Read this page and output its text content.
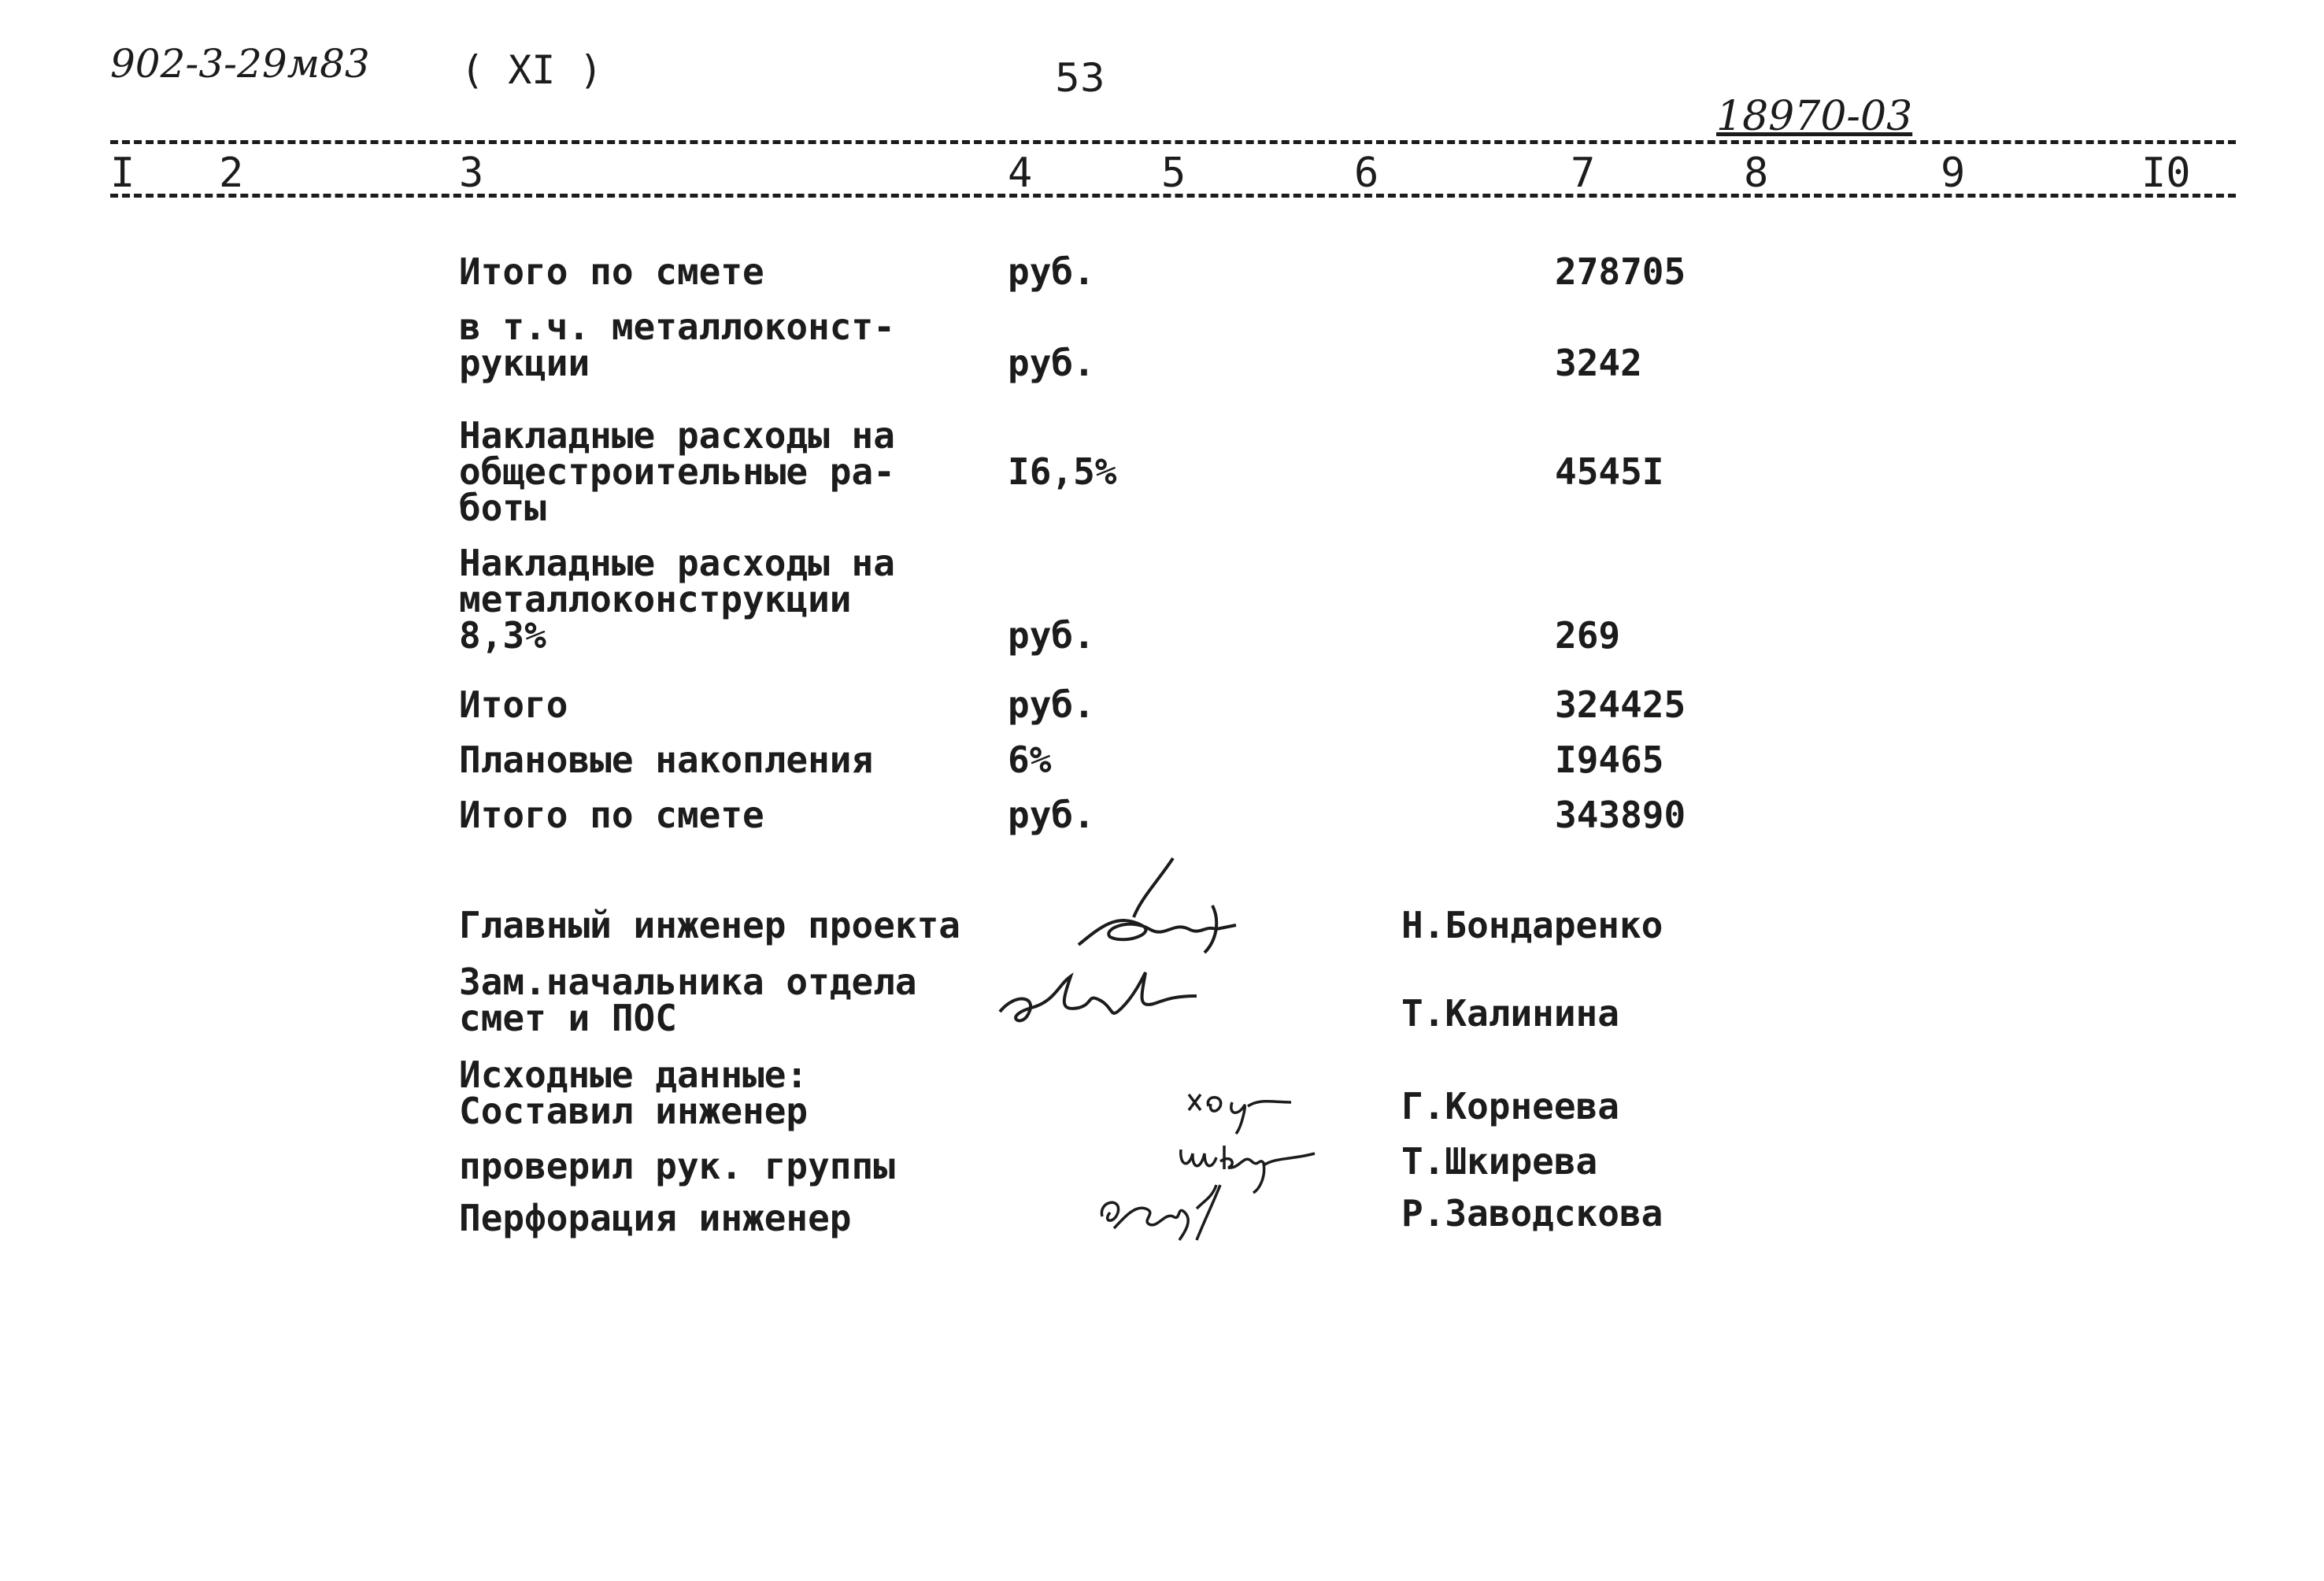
902-3-29м83 ( XI )	53
18970-03
I 2	3	4	5	6	7	8	9	I0
Итого по смете	руб.	278705
в т.ч. металлоконст-
рукции	руб.	3242
Накладные расходы на
общестроительные ра-
боты
I6,5%	4545I
Накладные расходы на
металлоконструкции
8,3%	руб.	269
Итого	руб.	324425
Плановые накопления	6%	I9465
Итого по смете	руб.	343890
Главный инженер проекта	Н.Бондаренко
Зам.начальника отдела
смет и ПОС	Т.Калинина
Исходные данные:
Составил инженер	Г.Корнеева
проверил рук. группы	Т.Шкирева
Перфорация инженер	Р.Заводскова
